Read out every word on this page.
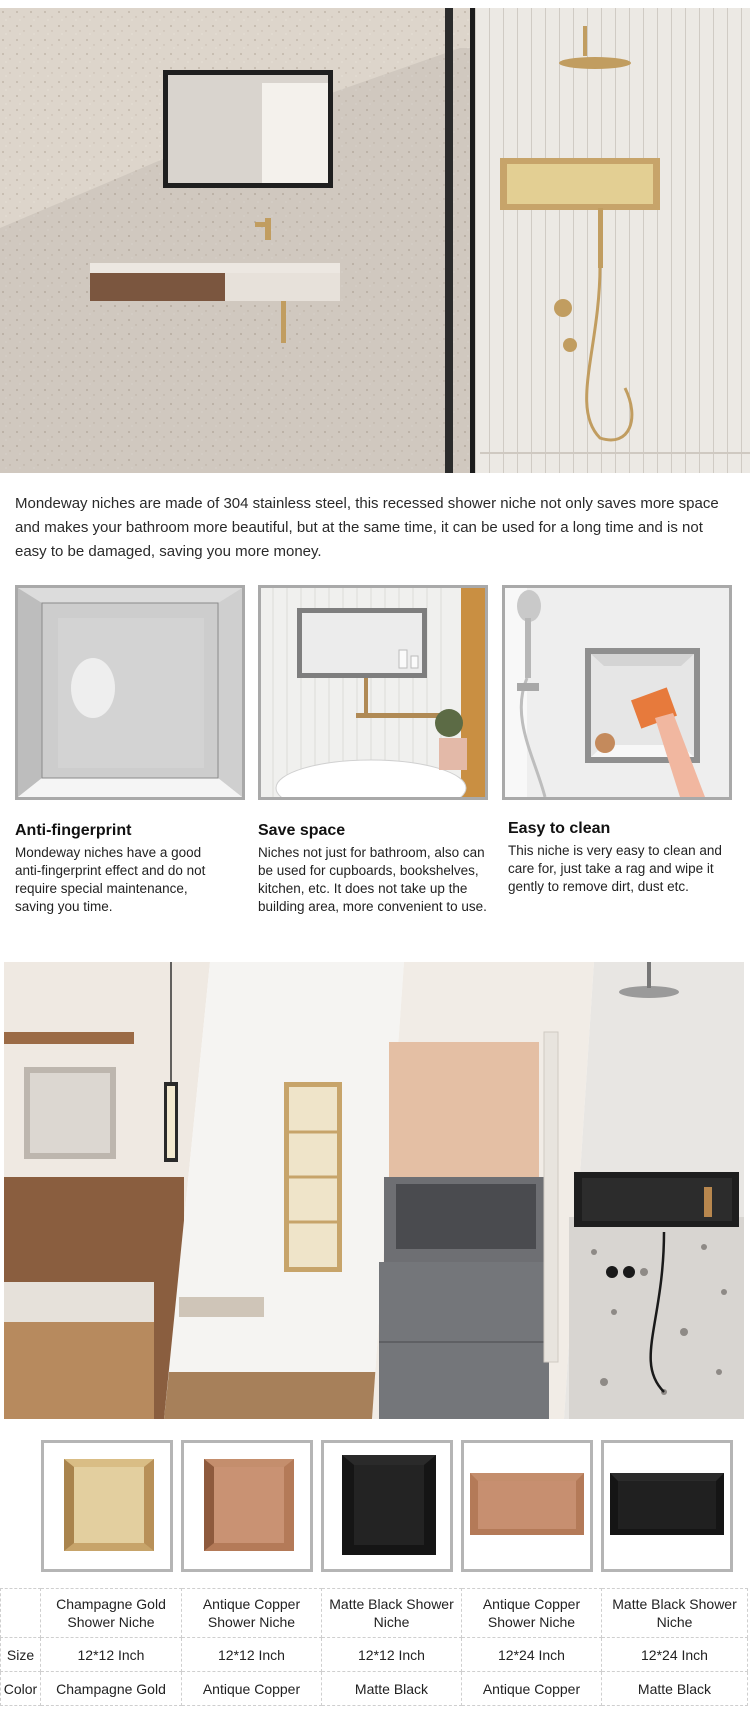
Mondeway niches are made of 304 stainless steel, this recessed shower niche not only saves more space and makes your bathroom more beautiful, but at the same time, it can be used for a long time and is not easy to be damaged, saving you more money.
Anti-fingerprint
Mondeway niches have a good anti-fingerprint effect and do not require special maintenance, saving you time.
Save space
Niches not just for bathroom, also can be used for cupboards, bookshelves, kitchen, etc. It does not take up the building area, more convenient to use.
Easy to clean
This niche is very easy to clean and care for, just take a rag and wipe it gently to remove dirt, dust etc.
	Champagne Gold Shower Niche	Antique Copper Shower Niche	Matte Black Shower Niche	Antique Copper Shower Niche	Matte Black Shower Niche
Size	12*12 Inch	12*12 Inch	12*12 Inch	12*24 Inch	12*24 Inch
Color	Champagne Gold	Antique Copper	Matte Black	Antique Copper	Matte Black
